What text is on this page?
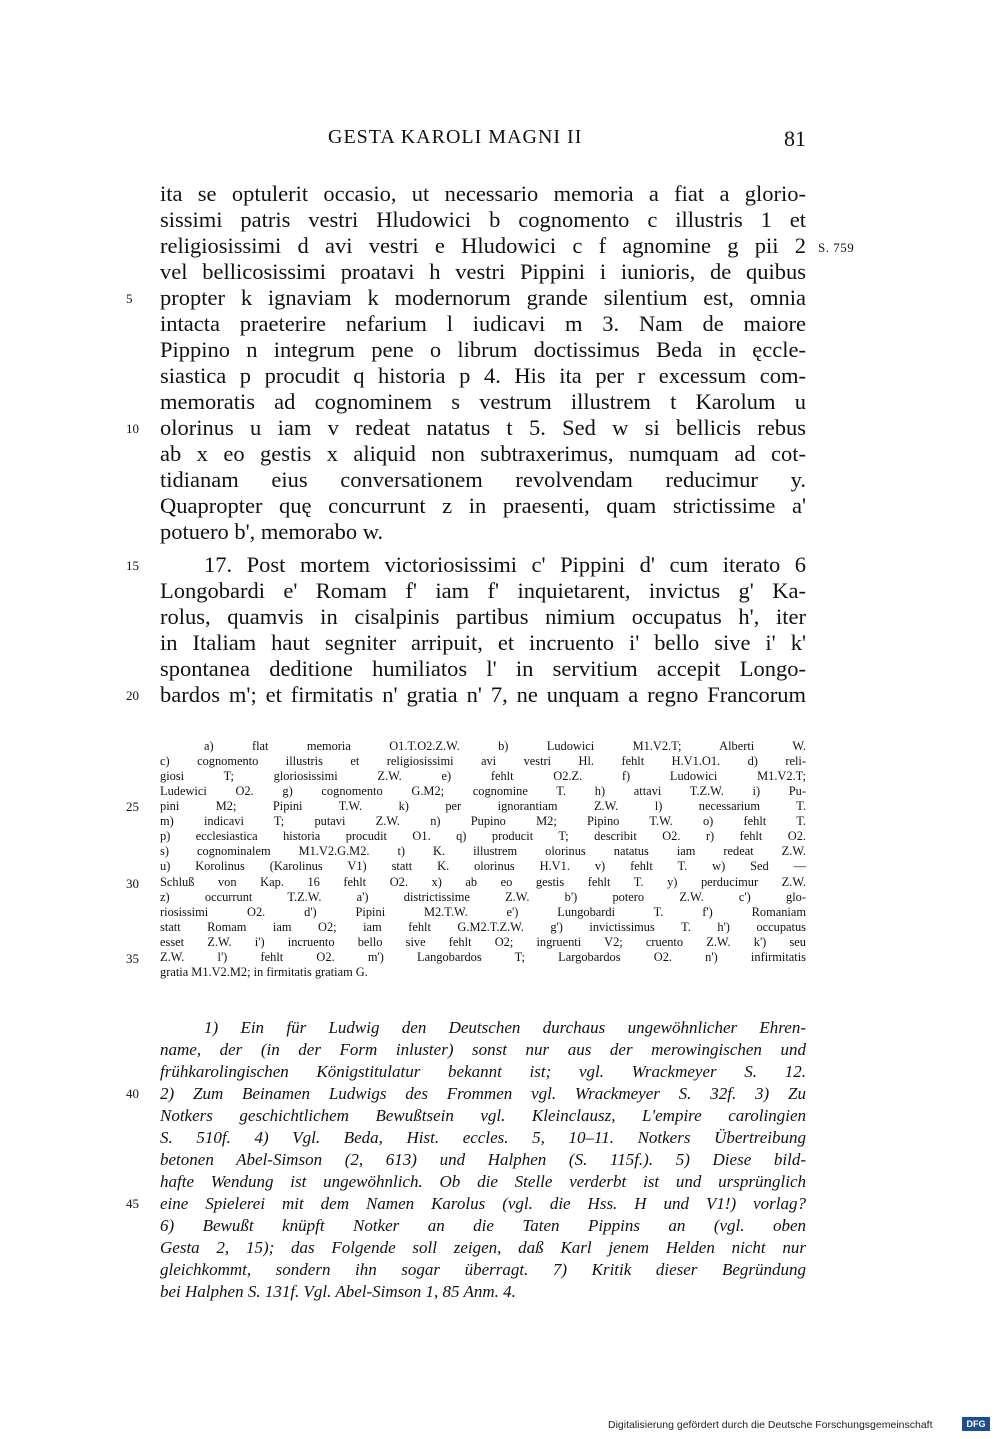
GESTA KAROLI MAGNI II	81
ita se optulerit occasio, ut necessario memoria a fiat a glorio-
sissimi patris vestri Hludowici b cognomento c illustris 1 et
religiosissimi d avi vestri e Hludowici c f agnomine g pii 2
vel bellicosissimi proatavi h vestri Pippini i iunioris, de quibus
propter k ignaviam k modernorum grande silentium est, omnia
intacta praeterire nefarium l iudicavi m 3. Nam de maiore
Pippino n integrum pene o librum doctissimus Beda in ęccle-
siastica p procudit q historia p 4. His ita per r excessum com-
memoratis ad cognominem s vestrum illustrem t Karolum u
olorinus u iam v redeat natatus t 5. Sed w si bellicis rebus
ab x eo gestis x aliquid non subtraxerimus, numquam ad cot-
tidianam eius conversationem revolvendam reducimur y.
Quapropter quę concurrunt z in praesenti, quam strictissime a'
potuero b', memorabo w.
17. Post mortem victoriosissimi c' Pippini d' cum iterato 6
Longobardi e' Romam f' iam f' inquietarent, invictus g' Ka-
rolus, quamvis in cisalpinis partibus nimium occupatus h', iter
in Italiam haut segniter arripuit, et incruento i' bello sive i' k'
spontanea deditione humiliatos l' in servitium accepit Longo-
bardos m'; et firmitatis n' gratia n' 7, ne unquam a regno Francorum
S. 759
5
10
15
20
25
30
35
40
45
a) flat memoria O1.T.O2.Z.W. b) Ludowici M1.V2.T; Alberti W.
c) cognomento illustris et religiosissimi avi vestri Hl. fehlt H.V1.O1. d) reli-
giosi T; gloriosissimi Z.W. e) fehlt O2.Z. f) Ludowici M1.V2.T;
Ludewici O2. g) cognomento G.M2; cognomine T. h) attavi T.Z.W. i) Pu-
pini M2; Pipini T.W. k) per ignorantiam Z.W. l) necessarium T.
m) indicavi T; putavi Z.W. n) Pupino M2; Pipino T.W. o) fehlt T.
p) ecclesiastica historia procudit O1. q) producit T; describit O2. r) fehlt O2.
s) cognominalem M1.V2.G.M2. t) K. illustrem olorinus natatus iam redeat Z.W.
u) Korolinus (Karolinus V1) statt K. olorinus H.V1. v) fehlt T. w) Sed —
Schluß von Kap. 16 fehlt O2. x) ab eo gestis fehlt T. y) perducimur Z.W.
z) occurrunt T.Z.W. a') districtissime Z.W. b') potero Z.W. c') glo-
riosissimi O2. d') Pipini M2.T.W. e') Lungobardi T. f') Romaniam
statt Romam iam O2; iam fehlt G.M2.T.Z.W. g') invictissimus T. h') occupatus
esset Z.W. i') incruento bello sive fehlt O2; ingruenti V2; cruento Z.W. k') seu
Z.W. l') fehlt O2. m') Langobardos T; Largobardos O2. n') infirmitatis
gratia M1.V2.M2; in firmitatis gratiam G.
1) Ein für Ludwig den Deutschen durchaus ungewöhnlicher Ehren-
name, der (in der Form inluster) sonst nur aus der merowingischen und
frühkarolingischen Königstitulatur bekannt ist; vgl. Wrackmeyer S. 12.
2) Zum Beinamen Ludwigs des Frommen vgl. Wrackmeyer S. 32f. 3) Zu
Notkers geschichtlichem Bewußtsein vgl. Kleinclausz, L'empire carolingien
S. 510f. 4) Vgl. Beda, Hist. eccles. 5, 10–11. Notkers Übertreibung
betonen Abel-Simson (2, 613) und Halphen (S. 115f.). 5) Diese bild-
hafte Wendung ist ungewöhnlich. Ob die Stelle verderbt ist und ursprünglich
eine Spielerei mit dem Namen Karolus (vgl. die Hss. H und V1!) vorlag?
6) Bewußt knüpft Notker an die Taten Pippins an (vgl. oben
Gesta 2, 15); das Folgende soll zeigen, daß Karl jenem Helden nicht nur
gleichkommt, sondern ihn sogar überragt. 7) Kritik dieser Begründung
bei Halphen S. 131f. Vgl. Abel-Simson 1, 85 Anm. 4.
Digitalisierung gefördert durch die Deutsche Forschungsgemeinschaft	DFG
